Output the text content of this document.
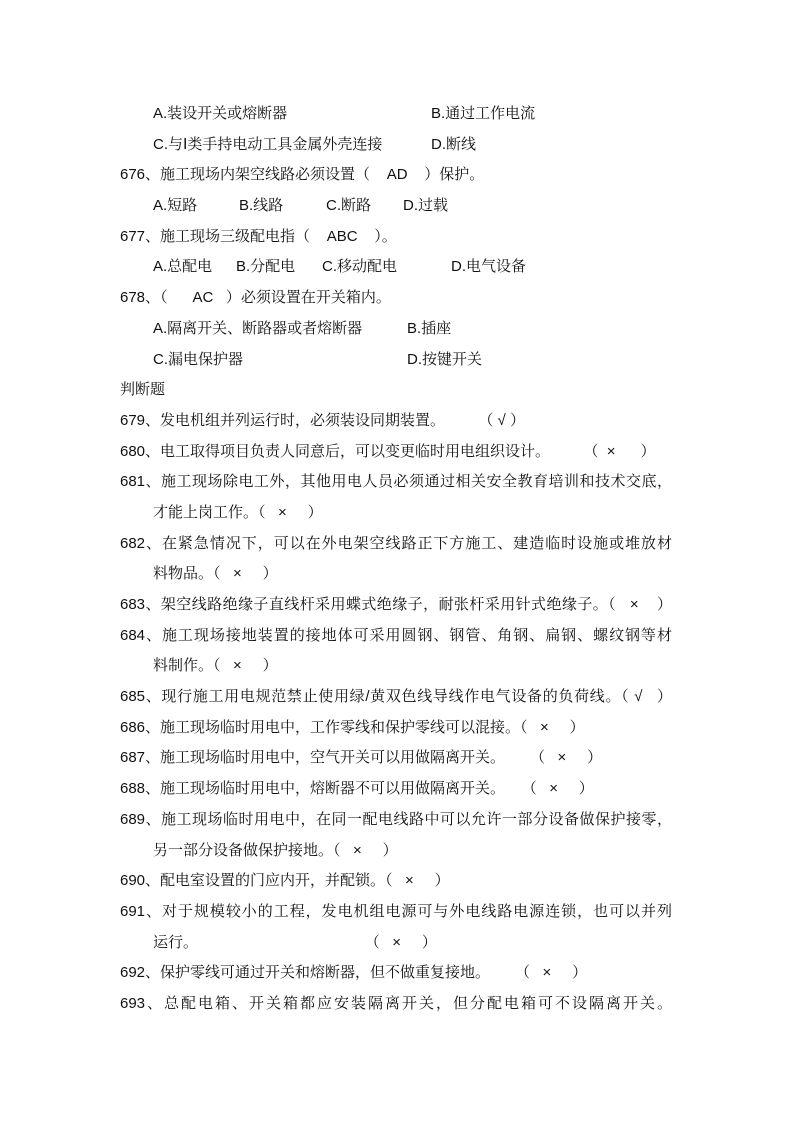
A.装设开关或熔断器

	B.通过工作电流

C.与Ⅰ类手持电动工具金属外壳连接

	D.断线

676、施工现场内架空线路必须设置（    AD    ）保护。

A.短路

	B.线路

	C.断路

D.过载

677、施工现场三级配电指（    ABC    ）。

A.总配电

B.分配电

C.移动配电

	D.电气设备

678、（      AC   ）必须设置在开关箱内。

A.隔离开关、断路器或者熔断器

	B.插座

C.漏电保护器

	D.按键开关

判断题
679、发电机组并列运行时，必须装设同期装置。        （ √ ）
680、电工取得项目负责人同意后，可以变更临时用电组织设计。        （  ×      ）
681、施工现场除电工外，其他用电人员必须通过相关安全教育培训和技术交底，
才能上岗工作。（   ×     ）
682、在紧急情况下，可以在外电架空线路正下方施工、建造临时设施或堆放材
料物品。（   ×     ）
683、架空线路绝缘子直线杆采用蝶式绝缘子，耐张杆采用针式绝缘子。（   ×    ）
684、施工现场接地装置的接地体可采用圆钢、钢管、角钢、扁钢、螺纹钢等材
料制作。（   ×     ）
685、现行施工用电规范禁止使用绿/黄双色线导线作电气设备的负荷线。（ √   ）
686、施工现场临时用电中，工作零线和保护零线可以混接。（   ×     ）
687、施工现场临时用电中，空气开关可以用做隔离开关。      （   ×     ）
688、施工现场临时用电中，熔断器不可以用做隔离开关。    （   ×     ）
689、施工现场临时用电中，在同一配电线路中可以允许一部分设备做保护接零，
另一部分设备做保护接地。（   ×     ）
690、配电室设置的门应内开，并配锁。（   ×     ）
691、对于规模较小的工程，发电机组电源可与外电线路电源连锁，也可以并列
运行。                                        （   ×     ）
692、保护零线可通过开关和熔断器，但不做重复接地。      （   ×     ）
693、总配电箱、开关箱都应安装隔离开关，但分配电箱可不设隔离开关。
